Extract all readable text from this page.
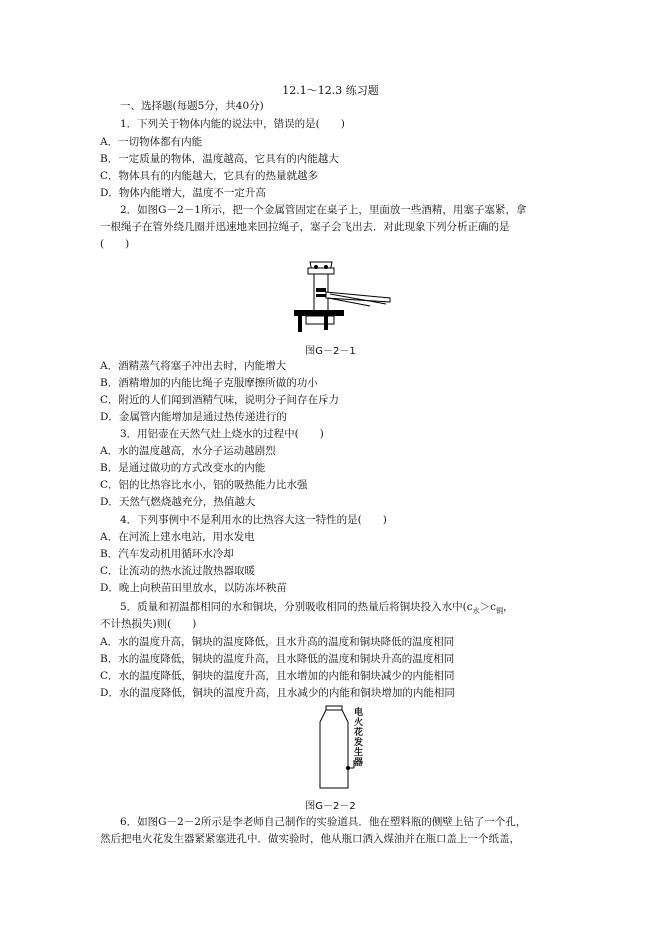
12.1～12.3 练习题
一、选择题(每题5分，共40分)
1．下列关于物体内能的说法中，错误的是(　　)
A．一切物体都有内能
B．一定质量的物体，温度越高，它具有的内能越大
C．物体具有的内能越大，它具有的热量就越多
D．物体内能增大，温度不一定升高
2．如图G－2－1所示，把一个金属管固定在桌子上，里面放一些酒精，用塞子塞紧，拿
一根绳子在管外绕几圈并迅速地来回拉绳子，塞子会飞出去．对此现象下列分析正确的是
(　　)
图G－2－1
A．酒精蒸气将塞子冲出去时，内能增大
B．酒精增加的内能比绳子克服摩擦所做的功小
C．附近的人们闻到酒精气味，说明分子间存在斥力
D．金属管内能增加是通过热传递进行的
3．用铝壶在天然气灶上烧水的过程中(　　)
A．水的温度越高，水分子运动越剧烈
B．是通过做功的方式改变水的内能
C．铝的比热容比水小，铝的吸热能力比水强
D．天然气燃烧越充分，热值越大
4．下列事例中不是利用水的比热容大这一特性的是(　　)
A．在河流上建水电站，用水发电
B．汽车发动机用循环水冷却
C．让流动的热水流过散热器取暖
D．晚上向秧苗田里放水，以防冻坏秧苗
5．质量和初温都相同的水和铜块，分别吸收相同的热量后将铜块投入水中($c_水>c_铜$，
不计热损失)则(　　)
A．水的温度升高，铜块的温度降低，且水升高的温度和铜块降低的温度相同
B．水的温度降低，铜块的温度升高，且水降低的温度和铜块升高的温度相同
C．水的温度降低，铜块的温度升高，且水增加的内能和铜块减少的内能相同
D．水的温度降低，铜块的温度升高，且水减少的内能和铜块增加的内能相同
电火花发生器
图G－2－2
6．如图G－2－2所示是李老师自己制作的实验道具．他在塑料瓶的侧壁上钻了一个孔，
然后把电火花发生器紧紧塞进孔中．做实验时，他从瓶口洒入煤油并在瓶口盖上一个纸盖，
